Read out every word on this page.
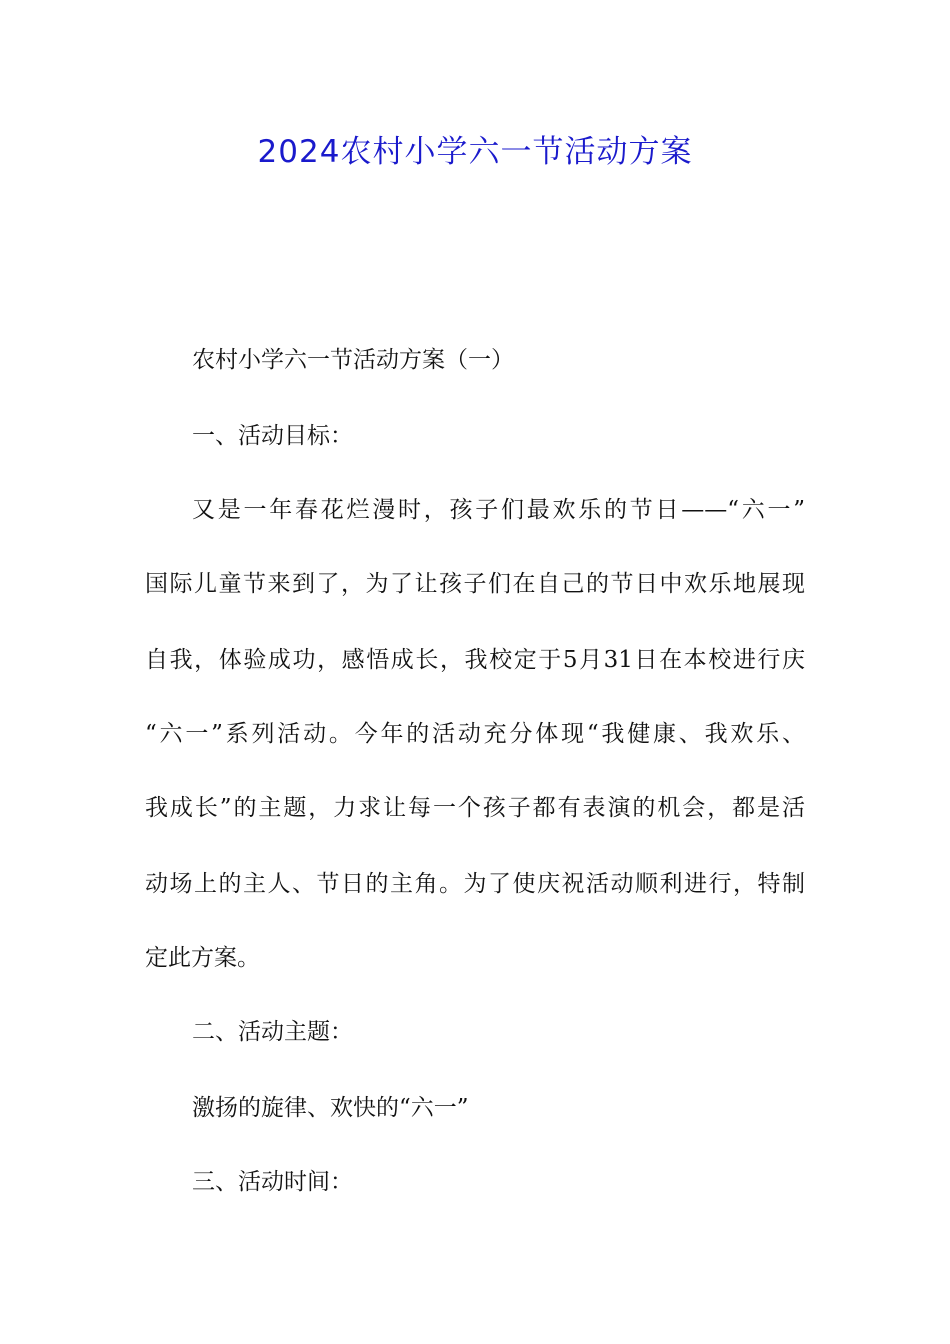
2024农村小学六一节活动方案

农村小学六一节活动方案（一）

一、活动目标：

又是一年春花烂漫时，孩子们最欢乐的节日——“六一”

国际儿童节来到了，为了让孩子们在自己的节日中欢乐地展现

自我，体验成功，感悟成长，我校定于5月31日在本校进行庆

“六一”系列活动。今年的活动充分体现“我健康、我欢乐、

我成长”的主题，力求让每一个孩子都有表演的机会，都是活

动场上的主人、节日的主角。为了使庆祝活动顺利进行，特制

定此方案。

二、活动主题：

激扬的旋律、欢快的“六一”

三、活动时间：
